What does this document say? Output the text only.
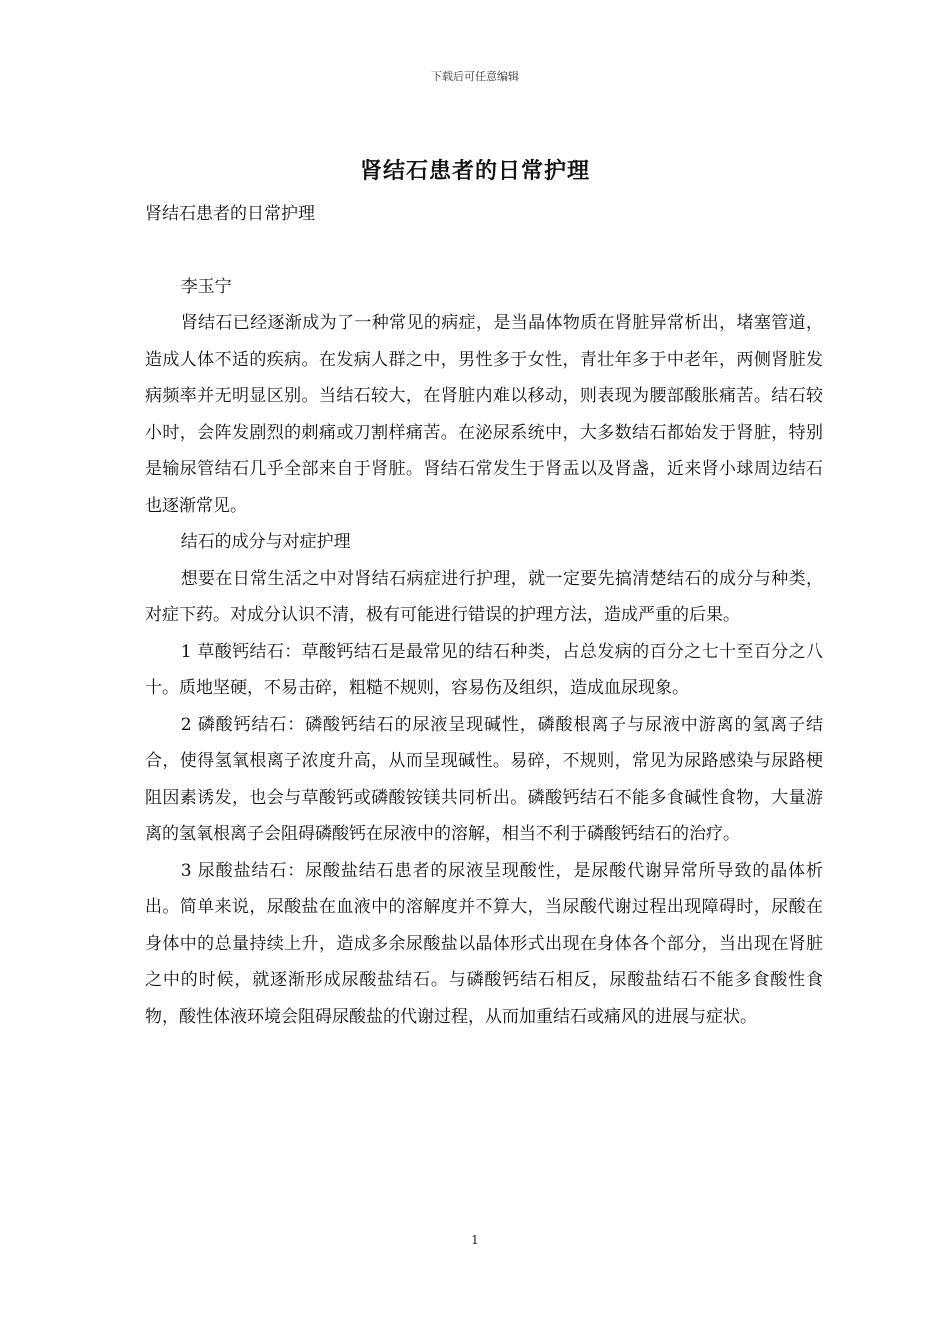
下载后可任意编辑
肾结石患者的日常护理

肾结石患者的日常护理

李玉宁

肾结石已经逐渐成为了一种常见的病症，是当晶体物质在肾脏异常析出，堵塞管道，造成人体不适的疾病。在发病人群之中，男性多于女性，青壮年多于中老年，两侧肾脏发病频率并无明显区别。当结石较大，在肾脏内难以移动，则表现为腰部酸胀痛苦。结石较小时，会阵发剧烈的刺痛或刀割样痛苦。在泌尿系统中，大多数结石都始发于肾脏，特别是输尿管结石几乎全部来自于肾脏。肾结石常发生于肾盂以及肾盏，近来肾小球周边结石也逐渐常见。

结石的成分与对症护理

想要在日常生活之中对肾结石病症进行护理，就一定要先搞清楚结石的成分与种类，对症下药。对成分认识不清，极有可能进行错误的护理方法，造成严重的后果。

1 草酸钙结石：草酸钙结石是最常见的结石种类，占总发病的百分之七十至百分之八十。质地坚硬，不易击碎，粗糙不规则，容易伤及组织，造成血尿现象。

2 磷酸钙结石：磷酸钙结石的尿液呈现碱性，磷酸根离子与尿液中游离的氢离子结合，使得氢氧根离子浓度升高，从而呈现碱性。易碎，不规则，常见为尿路感染与尿路梗阻因素诱发，也会与草酸钙或磷酸铵镁共同析出。磷酸钙结石不能多食碱性食物，大量游离的氢氧根离子会阻碍磷酸钙在尿液中的溶解，相当不利于磷酸钙结石的治疗。

3 尿酸盐结石：尿酸盐结石患者的尿液呈现酸性，是尿酸代谢异常所导致的晶体析出。简单来说，尿酸盐在血液中的溶解度并不算大，当尿酸代谢过程出现障碍时，尿酸在身体中的总量持续上升，造成多余尿酸盐以晶体形式出现在身体各个部分，当出现在肾脏之中的时候，就逐渐形成尿酸盐结石。与磷酸钙结石相反，尿酸盐结石不能多食酸性食物，酸性体液环境会阻碍尿酸盐的代谢过程，从而加重结石或痛风的进展与症状。

1
